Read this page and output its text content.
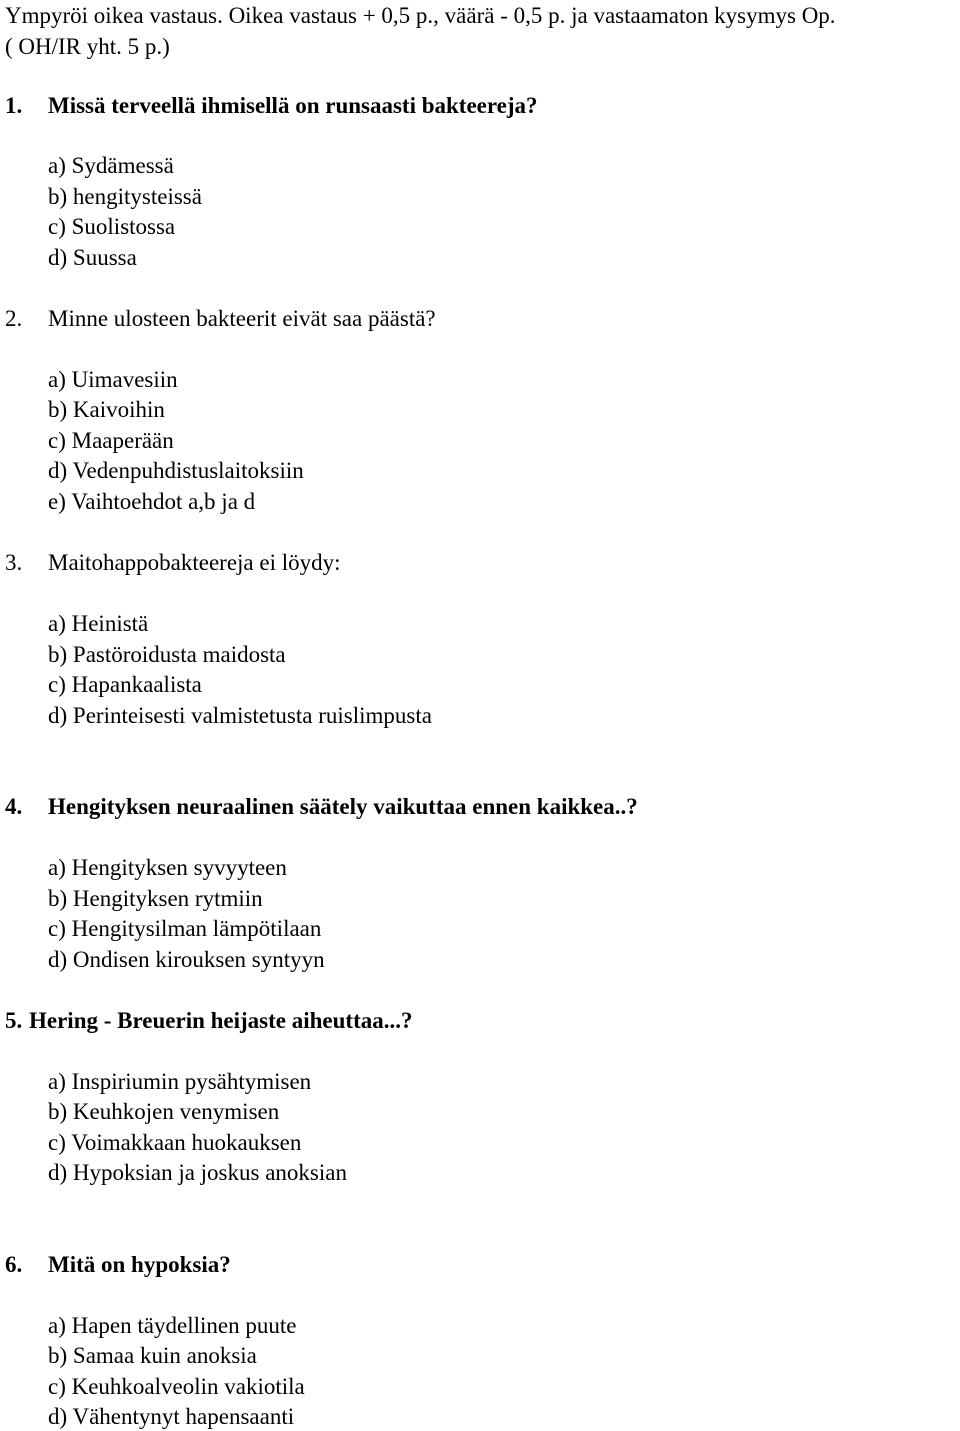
Ympyröi oikea vastaus. Oikea vastaus + 0,5 p., väärä - 0,5 p. ja vastaamaton kysymys Op.
( OH/IR yht. 5 p.)
1. Missä terveellä ihmisellä on runsaasti bakteereja?
a) Sydämessä
b) hengitysteissä
c) Suolistossa
d) Suussa
2. Minne ulosteen bakteerit eivät saa päästä?
a) Uimavesiin
b) Kaivoihin
c) Maaperään
d) Vedenpuhdistuslaitoksiin
e) Vaihtoehdot a,b ja d
3. Maitohappobakteereja ei löydy:
a) Heinistä
b) Pastöroidusta maidosta
c) Hapankaalista
d) Perinteisesti valmistetusta ruislimpusta
4. Hengityksen neuraalinen säätely vaikuttaa ennen kaikkea..?
a) Hengityksen syvyyteen
b) Hengityksen rytmiin
c) Hengitysilman lämpötilaan
d) Ondisen kirouksen syntyyn
5. Hering - Breuerin heijaste aiheuttaa...?
a) Inspiriumin pysähtymisen
b) Keuhkojen venymisen
c) Voimakkaan huokauksen
d) Hypoksian ja joskus anoksian
6. Mitä on hypoksia?
a) Hapen täydellinen puute
b) Samaa kuin anoksia
c) Keuhkoalveolin vakiotila
d) Vähentynyt hapensaanti
